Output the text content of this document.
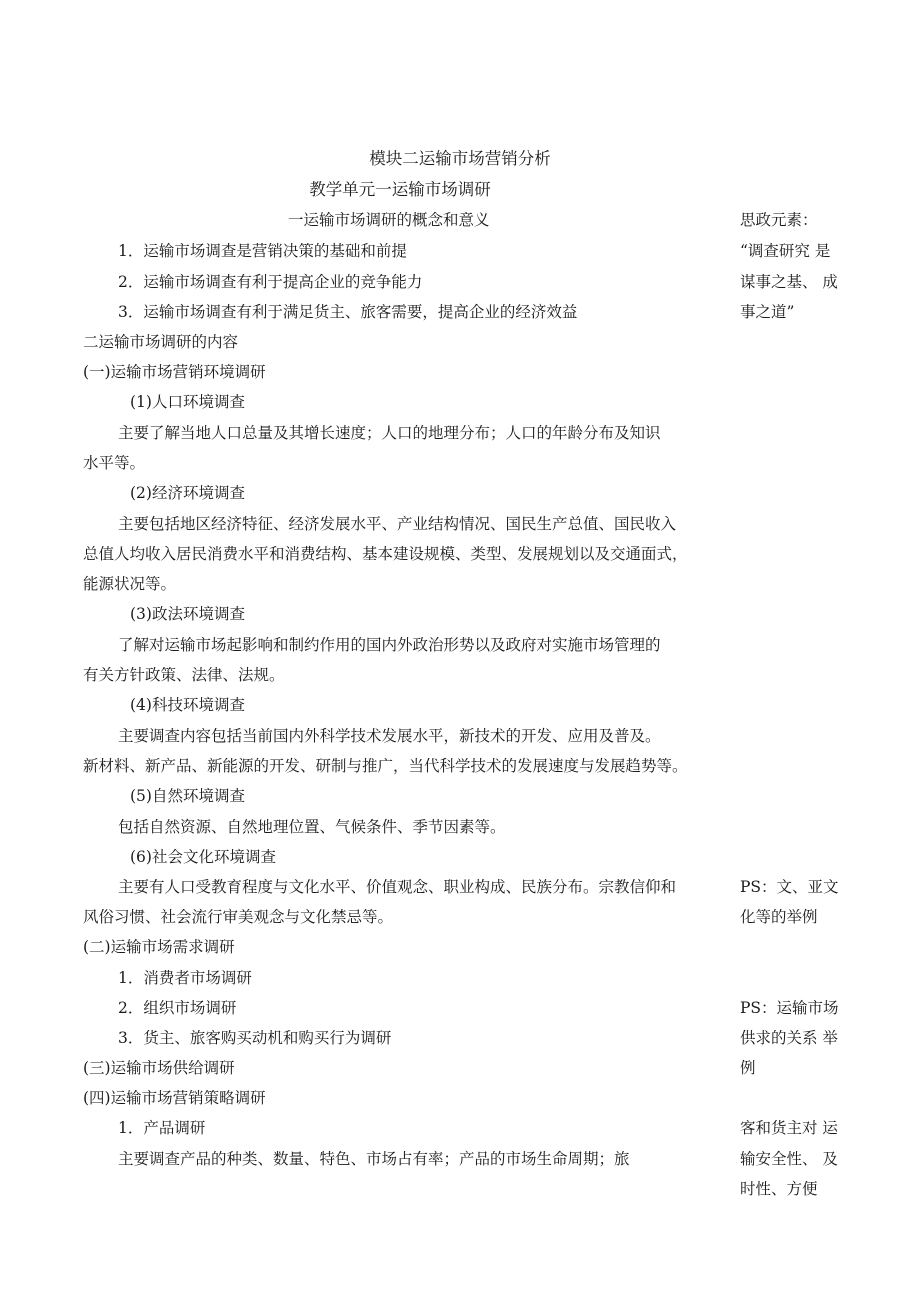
模块二运输市场营销分析
教学单元一运输市场调研
一运输市场调研的概念和意义
1．运输市场调查是营销决策的基础和前提
2．运输市场调查有利于提高企业的竞争能力
3．运输市场调查有利于满足货主、旅客需要，提高企业的经济效益
二运输市场调研的内容
(一)运输市场营销环境调研
(1)人口环境调查
主要了解当地人口总量及其增长速度；人口的地理分布；人口的年龄分布及知识
水平等。
(2)经济环境调查
主要包括地区经济特征、经济发展水平、产业结构情况、国民生产总值、国民收入
总值人均收入居民消费水平和消费结构、基本建设规模、类型、发展规划以及交通面式，
能源状况等。
(3)政法环境调查
了解对运输市场起影响和制约作用的国内外政治形势以及政府对实施市场管理的
有关方针政策、法律、法规。
(4)科技环境调查
主要调查内容包括当前国内外科学技术发展水平，新技术的开发、应用及普及。
新材料、新产品、新能源的开发、研制与推广，当代科学技术的发展速度与发展趋势等。
(5)自然环境调查
包括自然资源、自然地理位置、气候条件、季节因素等。
(6)社会文化环境调查
主要有人口受教育程度与文化水平、价值观念、职业构成、民族分布。宗教信仰和
风俗习惯、社会流行审美观念与文化禁忌等。
(二)运输市场需求调研
1．消费者市场调研
2．组织市场调研
3．货主、旅客购买动机和购买行为调研
(三)运输市场供给调研
(四)运输市场营销策略调研
1．产品调研
主要调查产品的种类、数量、特色、市场占有率；产品的市场生命周期；旅
思政元素：
“调查研究 是
谋事之基、 成
事之道”
PS：文、亚文
化等的举例
PS：运输市场
供求的关系 举
例
客和货主对 运
输安全性、 及
时性、方便
